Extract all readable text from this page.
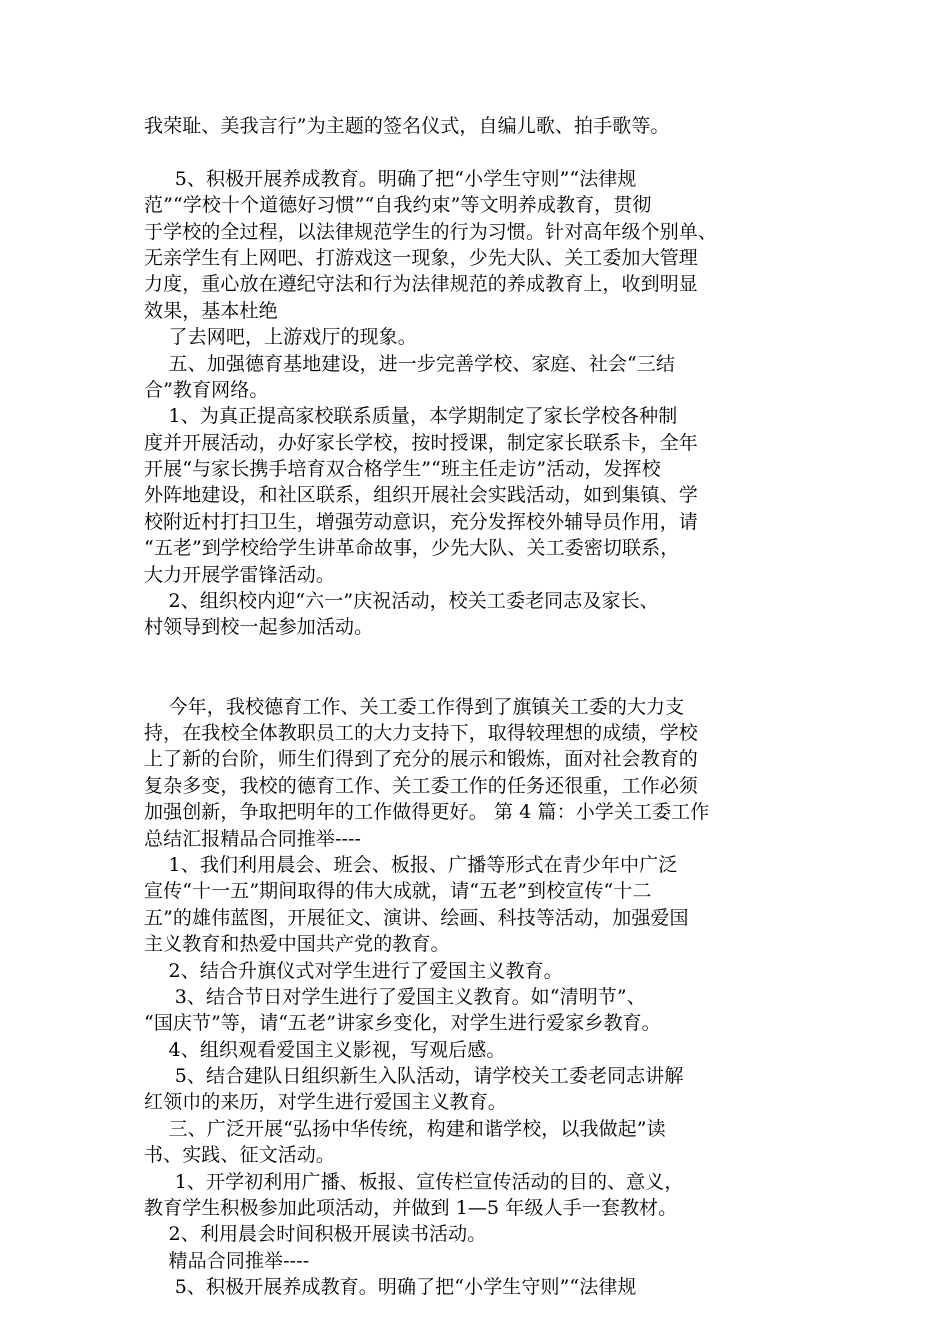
我荣耻、美我言行”为主题的签名仪式，自编儿歌、拍手歌等。
5、积极开展养成教育。明确了把“小学生守则”“法律规
范”“学校十个道德好习惯”“自我约束”等文明养成教育，贯彻
于学校的全过程，以法律规范学生的行为习惯。针对高年级个别单、
无亲学生有上网吧、打游戏这一现象，少先大队、关工委加大管理
力度，重心放在遵纪守法和行为法律规范的养成教育上，收到明显
效果，基本杜绝
了去网吧，上游戏厅的现象。
五、加强德育基地建设，进一步完善学校、家庭、社会“三结
合”教育网络。
1、为真正提高家校联系质量，本学期制定了家长学校各种制
度并开展活动，办好家长学校，按时授课，制定家长联系卡，全年
开展“与家长携手培育双合格学生”“班主任走访”活动，发挥校
外阵地建设，和社区联系，组织开展社会实践活动，如到集镇、学
校附近村打扫卫生，增强劳动意识，充分发挥校外辅导员作用，请
“五老”到学校给学生讲革命故事，少先大队、关工委密切联系，
大力开展学雷锋活动。
2、组织校内迎“六一”庆祝活动，校关工委老同志及家长、
村领导到校一起参加活动。
今年，我校德育工作、关工委工作得到了旗镇关工委的大力支
持，在我校全体教职员工的大力支持下，取得较理想的成绩，学校
上了新的台阶，师生们得到了充分的展示和锻炼，面对社会教育的
复杂多变，我校的德育工作、关工委工作的任务还很重，工作必须
加强创新，争取把明年的工作做得更好。 第 4 篇：小学关工委工作
总结汇报精品合同推举----
1、我们利用晨会、班会、板报、广播等形式在青少年中广泛
宣传“十一五”期间取得的伟大成就，请“五老”到校宣传“十二
五”的雄伟蓝图，开展征文、演讲、绘画、科技等活动，加强爱国
主义教育和热爱中国共产党的教育。
2、结合升旗仪式对学生进行了爱国主义教育。
3、结合节日对学生进行了爱国主义教育。如“清明节”、
“国庆节”等，请“五老”讲家乡变化，对学生进行爱家乡教育。
4、组织观看爱国主义影视，写观后感。
5、结合建队日组织新生入队活动，请学校关工委老同志讲解
红领巾的来历，对学生进行爱国主义教育。
三、广泛开展“弘扬中华传统，构建和谐学校，以我做起”读
书、实践、征文活动。
1、开学初利用广播、板报、宣传栏宣传活动的目的、意义，
教育学生积极参加此项活动，并做到 1—5 年级人手一套教材。
2、利用晨会时间积极开展读书活动。
精品合同推举----
5、积极开展养成教育。明确了把“小学生守则”“法律规
